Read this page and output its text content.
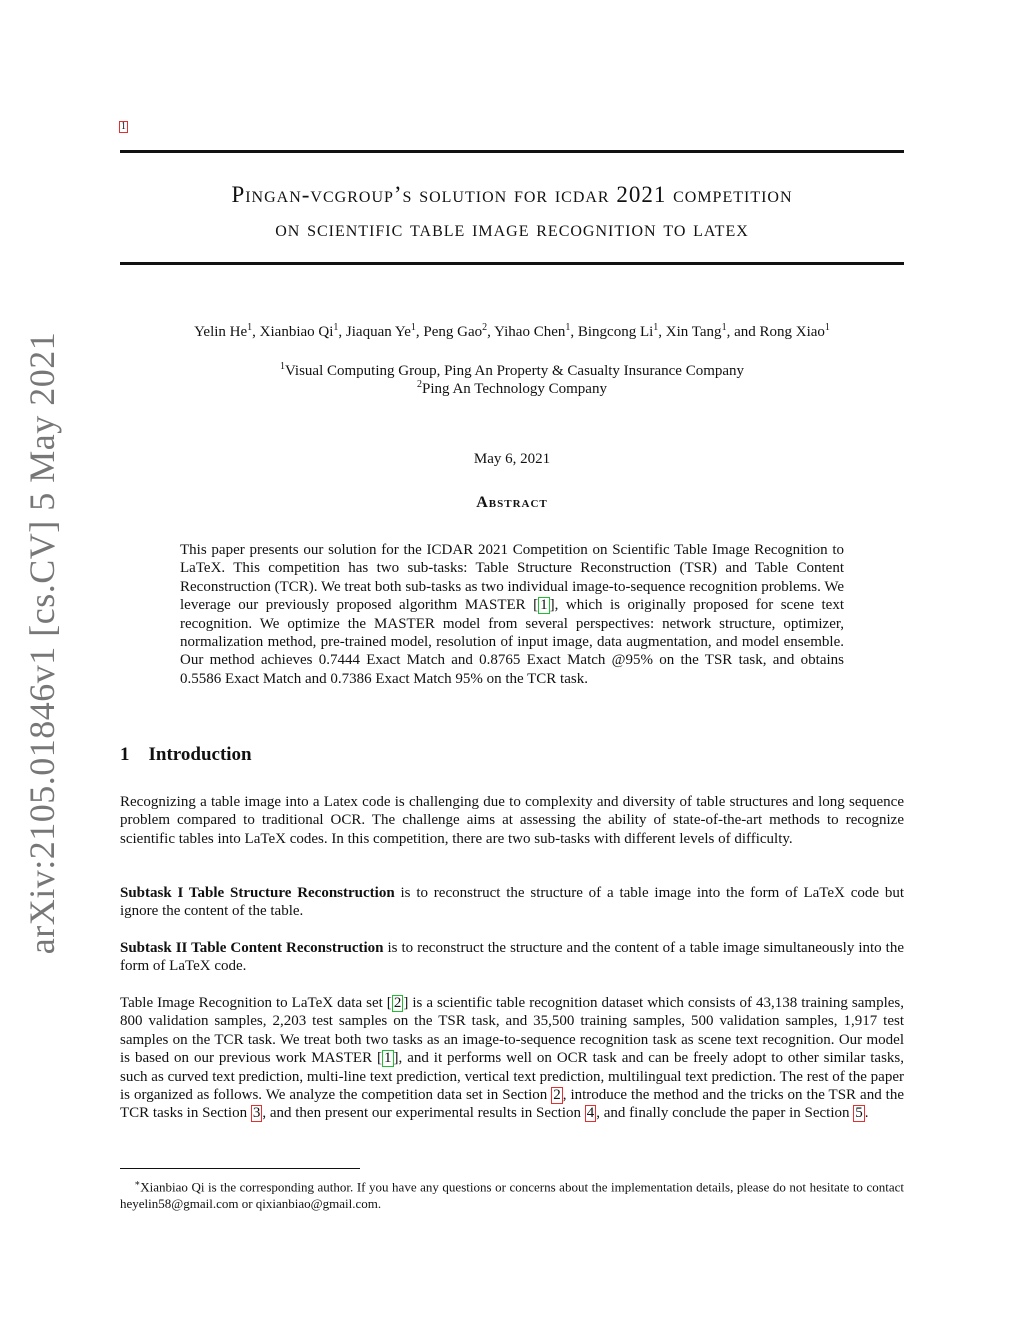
arXiv:2105.01846v1 [cs.CV] 5 May 2021
1
Pingan-vcgroup’s solution for icdar 2021 competition
on scientific table image recognition to latex
Yelin He$^1$, Xianbiao Qi$^1$, Jiaquan Ye$^1$, Peng Gao$^2$, Yihao Chen$^1$, Bingcong Li$^1$, Xin Tang$^1$, and Rong Xiao$^1$
$^1$Visual Computing Group, Ping An Property & Casualty Insurance Company
$^2$Ping An Technology Company
May 6, 2021
Abstract
This paper presents our solution for the ICDAR 2021 Competition on Scientific Table Image Recognition to LaTeX. This competition has two sub-tasks: Table Structure Reconstruction (TSR) and Table Content Reconstruction (TCR). We treat both sub-tasks as two individual image-to-sequence recognition problems. We leverage our previously proposed algorithm MASTER [ 1 ], which is originally proposed for scene text recognition. We optimize the MASTER model from several perspectives: network structure, optimizer, normalization method, pre-trained model, resolution of input image, data augmentation, and model ensemble. Our method achieves 0.7444 Exact Match and 0.8765 Exact Match @95% on the TSR task, and obtains 0.5586 Exact Match and 0.7386 Exact Match 95% on the TCR task.
1 Introduction
Recognizing a table image into a Latex code is challenging due to complexity and diversity of table structures and long sequence problem compared to traditional OCR. The challenge aims at assessing the ability of state-of-the-art methods to recognize scientific tables into LaTeX codes. In this competition, there are two sub-tasks with different levels of difficulty.
Subtask I Table Structure Reconstruction is to reconstruct the structure of a table image into the form of LaTeX code but ignore the content of the table.
Subtask II Table Content Reconstruction is to reconstruct the structure and the content of a table image simultaneously into the form of LaTeX code.
Table Image Recognition to LaTeX data set [ 2 ] is a scientific table recognition dataset which consists of 43,138 training samples, 800 validation samples, 2,203 test samples on the TSR task, and 35,500 training samples, 500 validation samples, 1,917 test samples on the TCR task. We treat both two tasks as an image-to-sequence recognition task as scene text recognition. Our model is based on our previous work MASTER [ 1 ], and it performs well on OCR task and can be freely adopt to other similar tasks, such as curved text prediction, multi-line text prediction, vertical text prediction, multilingual text prediction. The rest of the paper is organized as follows. We analyze the competition data set in Section 2 , introduce the method and the tricks on the TSR and the TCR tasks in Section 3 , and then present our experimental results in Section 4 , and finally conclude the paper in Section 5 .
∗Xianbiao Qi is the corresponding author. If you have any questions or concerns about the implementation details, please do not hesitate to contact heyelin58@gmail.com or qixianbiao@gmail.com.
